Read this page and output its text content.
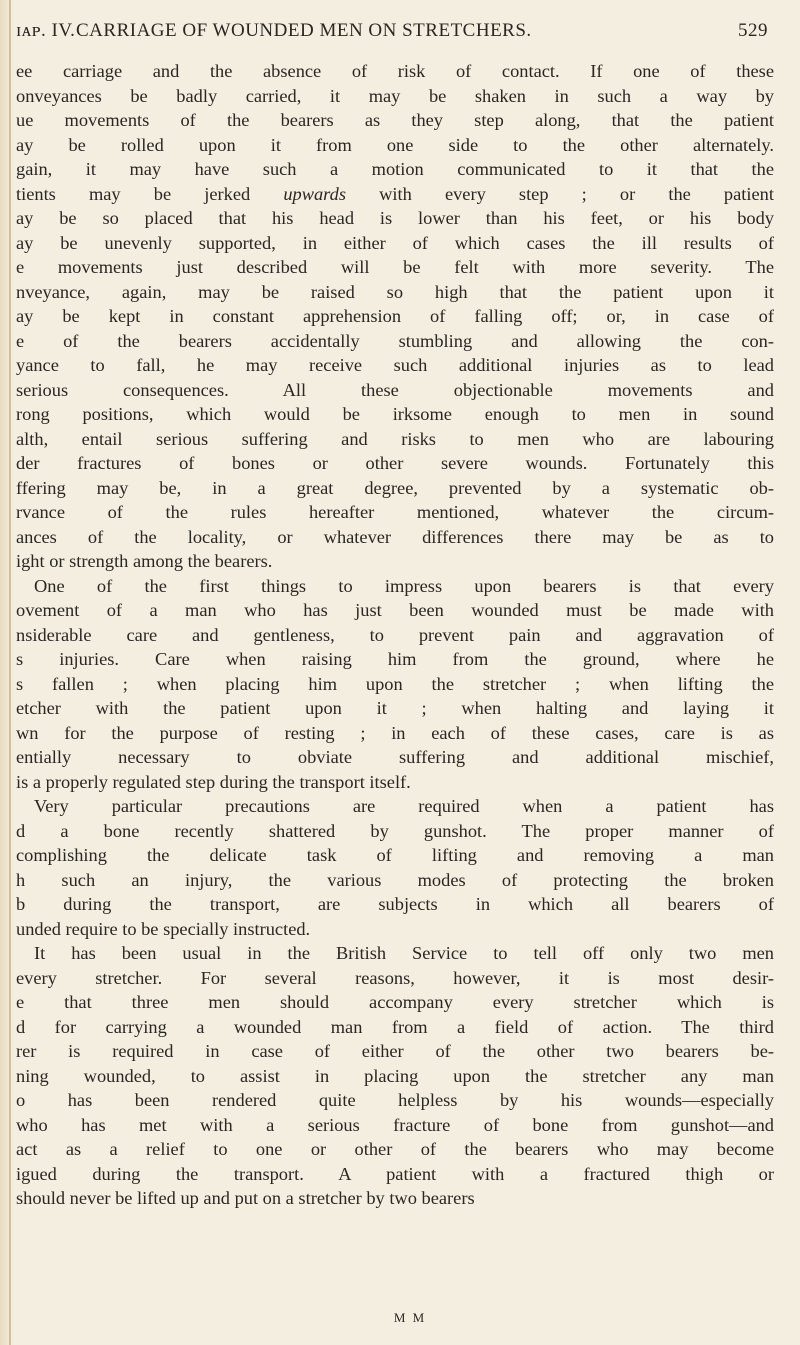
ɪᴀᴘ. IV. CARRIAGE OF WOUNDED MEN ON STRETCHERS.	529
ee carriage and the absence of risk of contact. If one of these
onveyances be badly carried, it may be shaken in such a way by
ue movements of the bearers as they step along, that the patient
ay be rolled upon it from one side to the other alternately.
gain, it may have such a motion communicated to it that the
tients may be jerked upwards with every step ; or the patient
ay be so placed that his head is lower than his feet, or his body
ay be unevenly supported, in either of which cases the ill results of
e movements just described will be felt with more severity. The
nveyance, again, may be raised so high that the patient upon it
ay be kept in constant apprehension of falling off; or, in case of
e of the bearers accidentally stumbling and allowing the con-
yance to fall, he may receive such additional injuries as to lead
serious consequences. All these objectionable movements and
rong positions, which would be irksome enough to men in sound
alth, entail serious suffering and risks to men who are labouring
der fractures of bones or other severe wounds. Fortunately this
ffering may be, in a great degree, prevented by a systematic ob-
rvance of the rules hereafter mentioned, whatever the circum-
ances of the locality, or whatever differences there may be as to
ight or strength among the bearers.
One of the first things to impress upon bearers is that every
ovement of a man who has just been wounded must be made with
nsiderable care and gentleness, to prevent pain and aggravation of
s injuries. Care when raising him from the ground, where he
s fallen ; when placing him upon the stretcher ; when lifting the
etcher with the patient upon it ; when halting and laying it
wn for the purpose of resting ; in each of these cases, care is as
entially necessary to obviate suffering and additional mischief,
is a properly regulated step during the transport itself.
Very particular precautions are required when a patient has
d a bone recently shattered by gunshot. The proper manner of
complishing the delicate task of lifting and removing a man
h such an injury, the various modes of protecting the broken
b during the transport, are subjects in which all bearers of
unded require to be specially instructed.
It has been usual in the British Service to tell off only two men
every stretcher. For several reasons, however, it is most desir-
e that three men should accompany every stretcher which is
d for carrying a wounded man from a field of action. The third
rer is required in case of either of the other two bearers be-
ning wounded, to assist in placing upon the stretcher any man
o has been rendered quite helpless by his wounds—especially
who has met with a serious fracture of bone from gunshot—and
act as a relief to one or other of the bearers who may become
igued during the transport. A patient with a fractured thigh or
should never be lifted up and put on a stretcher by two bearers
M M
